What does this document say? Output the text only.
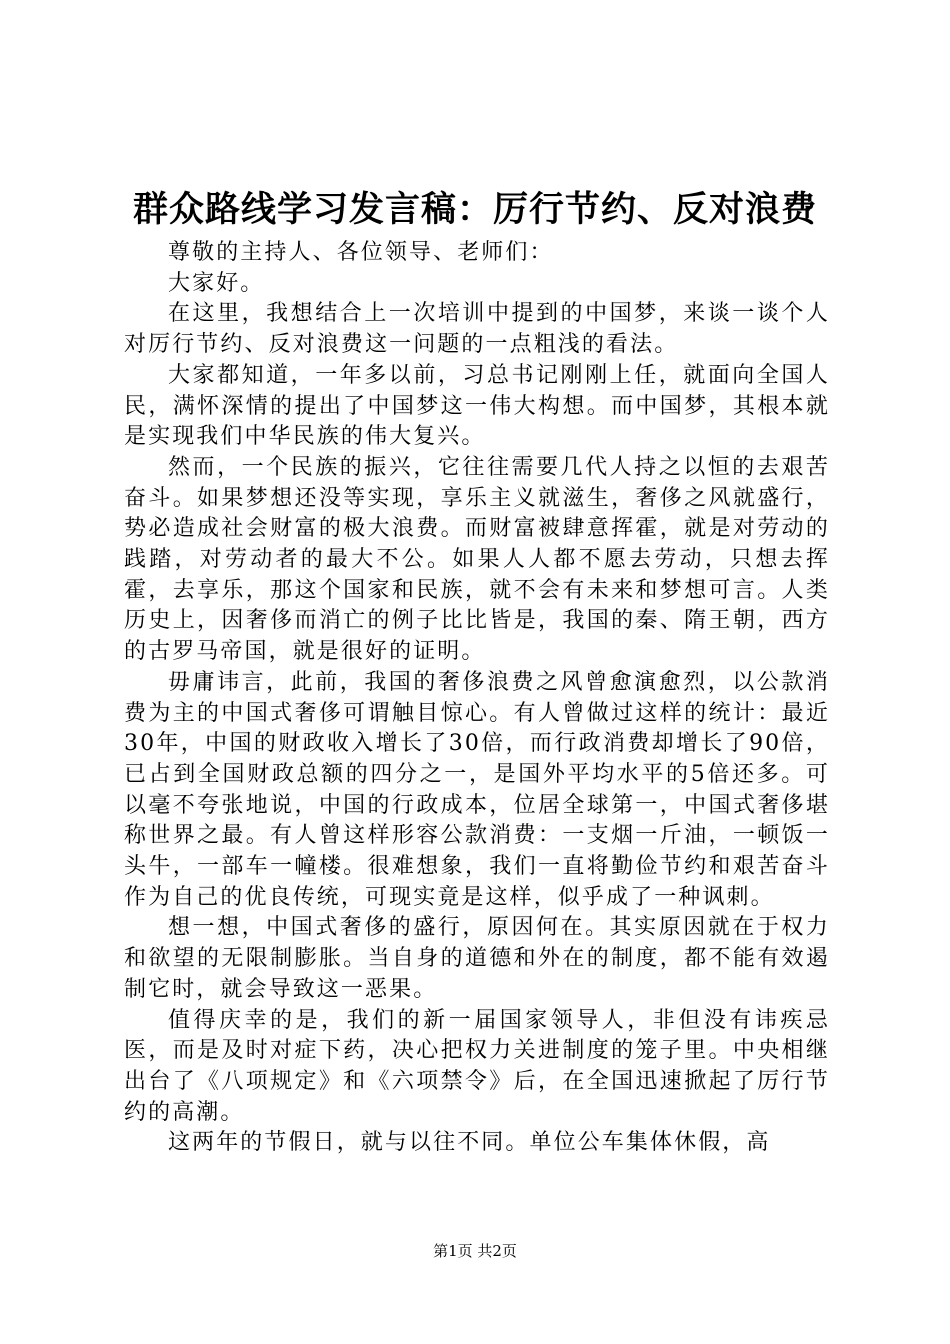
群众路线学习发言稿：厉行节约、反对浪费

尊敬的主持人、各位领导、老师们：

大家好。

在这里，我想结合上一次培训中提到的中国梦，来谈一谈个人对厉行节约、反对浪费这一问题的一点粗浅的看法。

大家都知道，一年多以前，习总书记刚刚上任，就面向全国人民，满怀深情的提出了中国梦这一伟大构想。而中国梦，其根本就是实现我们中华民族的伟大复兴。

然而，一个民族的振兴，它往往需要几代人持之以恒的去艰苦奋斗。如果梦想还没等实现，享乐主义就滋生，奢侈之风就盛行，势必造成社会财富的极大浪费。而财富被肆意挥霍，就是对劳动的践踏，对劳动者的最大不公。如果人人都不愿去劳动，只想去挥霍，去享乐，那这个国家和民族，就不会有未来和梦想可言。人类历史上，因奢侈而消亡的例子比比皆是，我国的秦、隋王朝，西方的古罗马帝国，就是很好的证明。

毋庸讳言，此前，我国的奢侈浪费之风曾愈演愈烈，以公款消费为主的中国式奢侈可谓触目惊心。有人曾做过这样的统计：最近30年，中国的财政收入增长了30倍，而行政消费却增长了90倍，已占到全国财政总额的四分之一，是国外平均水平的5倍还多。可以毫不夸张地说，中国的行政成本，位居全球第一，中国式奢侈堪称世界之最。有人曾这样形容公款消费：一支烟一斤油，一顿饭一头牛，一部车一幢楼。很难想象，我们一直将勤俭节约和艰苦奋斗作为自己的优良传统，可现实竟是这样，似乎成了一种讽刺。

想一想，中国式奢侈的盛行，原因何在。其实原因就在于权力和欲望的无限制膨胀。当自身的道德和外在的制度，都不能有效遏制它时，就会导致这一恶果。

值得庆幸的是，我们的新一届国家领导人，非但没有讳疾忌医，而是及时对症下药，决心把权力关进制度的笼子里。中央相继出台了《八项规定》和《六项禁令》后，在全国迅速掀起了厉行节约的高潮。

这两年的节假日，就与以往不同。单位公车集体休假，高

第1页 共2页
